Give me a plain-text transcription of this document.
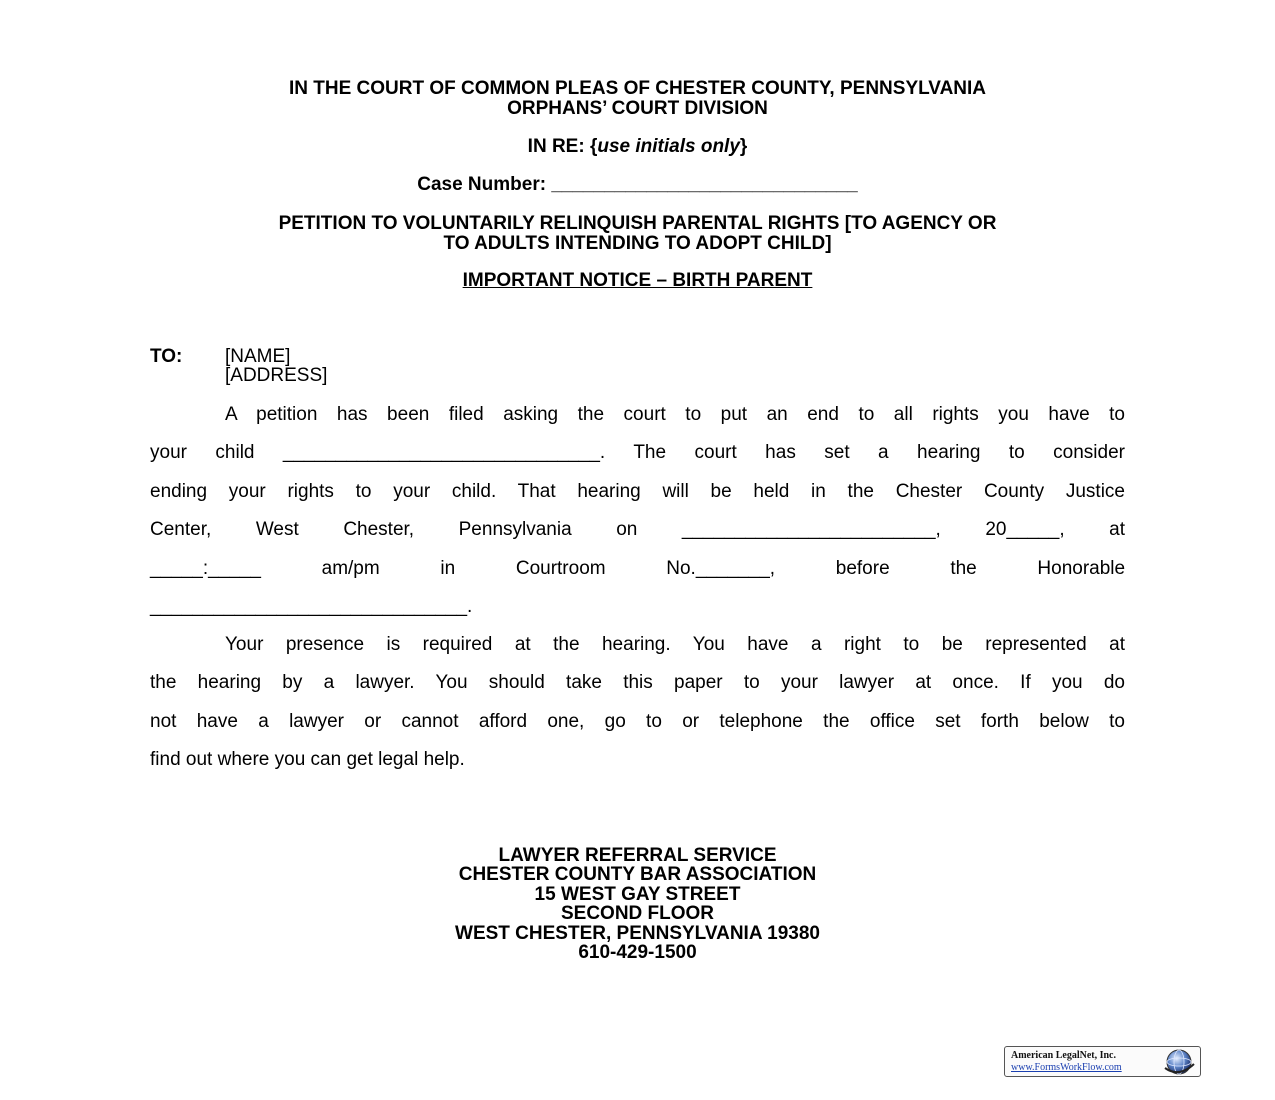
IN THE COURT OF COMMON PLEAS OF CHESTER COUNTY, PENNSYLVANIA
ORPHANS’ COURT DIVISION
IN RE: {use initials only}
Case Number: _____________________________
PETITION TO VOLUNTARILY RELINQUISH PARENTAL RIGHTS [TO AGENCY OR
TO ADULTS INTENDING TO ADOPT CHILD]
IMPORTANT NOTICE – BIRTH PARENT
TO: [NAME]
[ADDRESS]
A petition has been filed asking the court to put an end to all rights you have to
your child ______________________________. The court has set a hearing to consider
ending your rights to your child. That hearing will be held in the Chester County Justice
Center, West Chester, Pennsylvania on ________________________, 20_____, at
_____:_____	am/pm	in	Courtroom	No._______,	before	the	Honorable
______________________________.
Your presence is required at the hearing. You have a right to be represented at
the hearing by a lawyer. You should take this paper to your lawyer at once. If you do
not have a lawyer or cannot afford one, go to or telephone the office set forth below to
find out where you can get legal help.
LAWYER REFERRAL SERVICE
CHESTER COUNTY BAR ASSOCIATION
15 WEST GAY STREET
SECOND FLOOR
WEST CHESTER, PENNSYLVANIA 19380
610-429-1500
American LegalNet, Inc.
www.FormsWorkFlow.com
